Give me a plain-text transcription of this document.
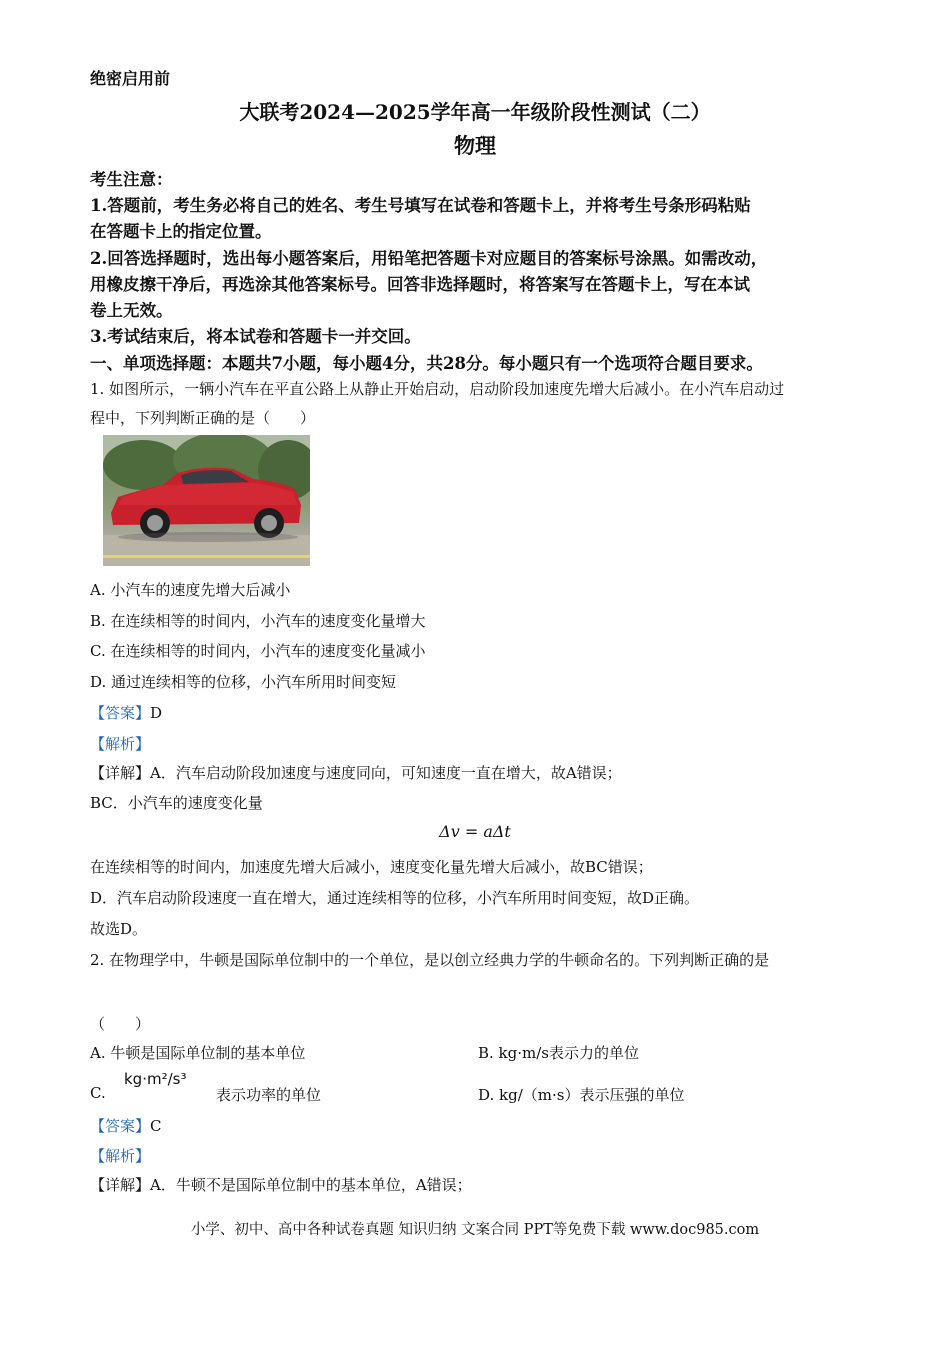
绝密启用前
大联考2024—2025学年高一年级阶段性测试（二）
物理
考生注意：
1.答题前，考生务必将自己的姓名、考生号填写在试卷和答题卡上，并将考生号条形码粘贴
在答题卡上的指定位置。
2.回答选择题时，选出每小题答案后，用铅笔把答题卡对应题目的答案标号涂黑。如需改动，
用橡皮擦干净后，再选涂其他答案标号。回答非选择题时，将答案写在答题卡上，写在本试
卷上无效。
3.考试结束后，将本试卷和答题卡一并交回。
一、单项选择题：本题共7小题，每小题4分，共28分。每小题只有一个选项符合题目要求。
1. 如图所示，一辆小汽车在平直公路上从静止开始启动，启动阶段加速度先增大后减小。在小汽车启动过
程中，下列判断正确的是（　　）
A. 小汽车的速度先增大后减小
B. 在连续相等的时间内，小汽车的速度变化量增大
C. 在连续相等的时间内，小汽车的速度变化量减小
D. 通过连续相等的位移，小汽车所用时间变短
【答案】D
【解析】
【详解】A．汽车启动阶段加速度与速度同向，可知速度一直在增大，故A错误；
BC．小汽车的速度变化量
Δv = aΔt
在连续相等的时间内，加速度先增大后减小，速度变化量先增大后减小，故BC错误；
D．汽车启动阶段速度一直在增大，通过连续相等的位移，小汽车所用时间变短，故D正确。
故选D。
2. 在物理学中，牛顿是国际单位制中的一个单位，是以创立经典力学的牛顿命名的。下列判断正确的是
（　　）
A. 牛顿是国际单位制的基本单位	B. kg·m/s表示力的单位
C.
kg·m²/s³
表示功率的单位	D. kg/（m·s）表示压强的单位
【答案】C
【解析】
【详解】A．牛顿不是国际单位制中的基本单位，A错误；
小学、初中、高中各种试卷真题 知识归纳 文案合同 PPT等免费下载 www.doc985.com
